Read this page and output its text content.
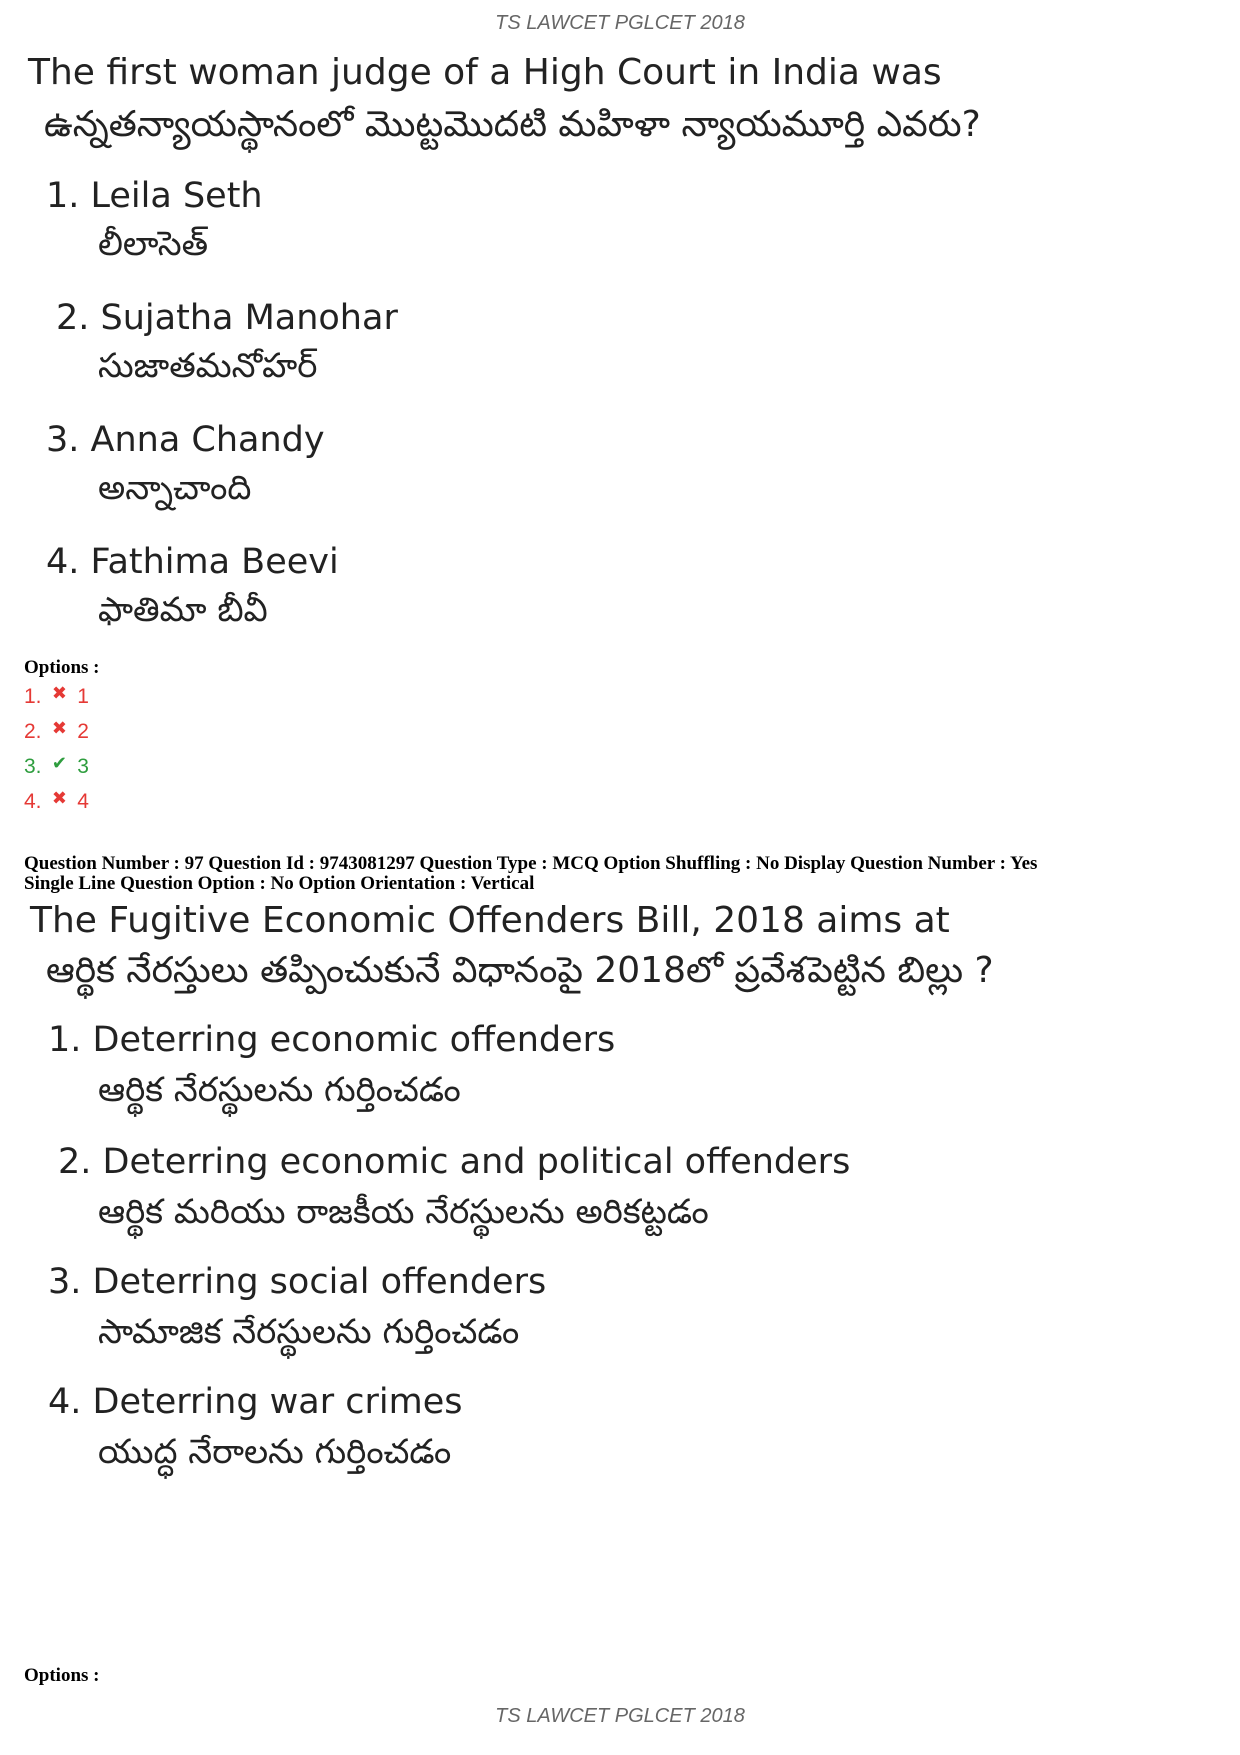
TS LAWCET PGLCET 2018
The first woman judge of a High Court in India was
ఉన్నతన్యాయస్థానంలో మొట్టమొదటి మహిళా న్యాయమూర్తి ఎవరు?
1. Leila Seth
లీలాసెత్
2. Sujatha Manohar
సుజాతమనోహర్
3. Anna Chandy
అన్నాచాంది
4. Fathima Beevi
ఫాతిమా బీవీ
Options :
1. ✖ 1
2. ✖ 2
3. ✔ 3
4. ✖ 4
Question Number : 97 Question Id : 9743081297 Question Type : MCQ Option Shuffling : No Display Question Number : Yes
Single Line Question Option : No Option Orientation : Vertical
The Fugitive Economic Offenders Bill, 2018 aims at
ఆర్థిక నేరస్తులు తప్పించుకునే విధానంపై 2018లో ప్రవేశపెట్టిన బిల్లు ?
1. Deterring economic offenders
ఆర్థిక నేరస్థులను గుర్తించడం
2. Deterring economic and political offenders
ఆర్థిక మరియు రాజకీయ నేరస్థులను అరికట్టడం
3. Deterring social offenders
సామాజిక నేరస్థులను గుర్తించడం
4. Deterring war crimes
యుద్ధ నేరాలను గుర్తించడం
Options :
TS LAWCET PGLCET 2018
